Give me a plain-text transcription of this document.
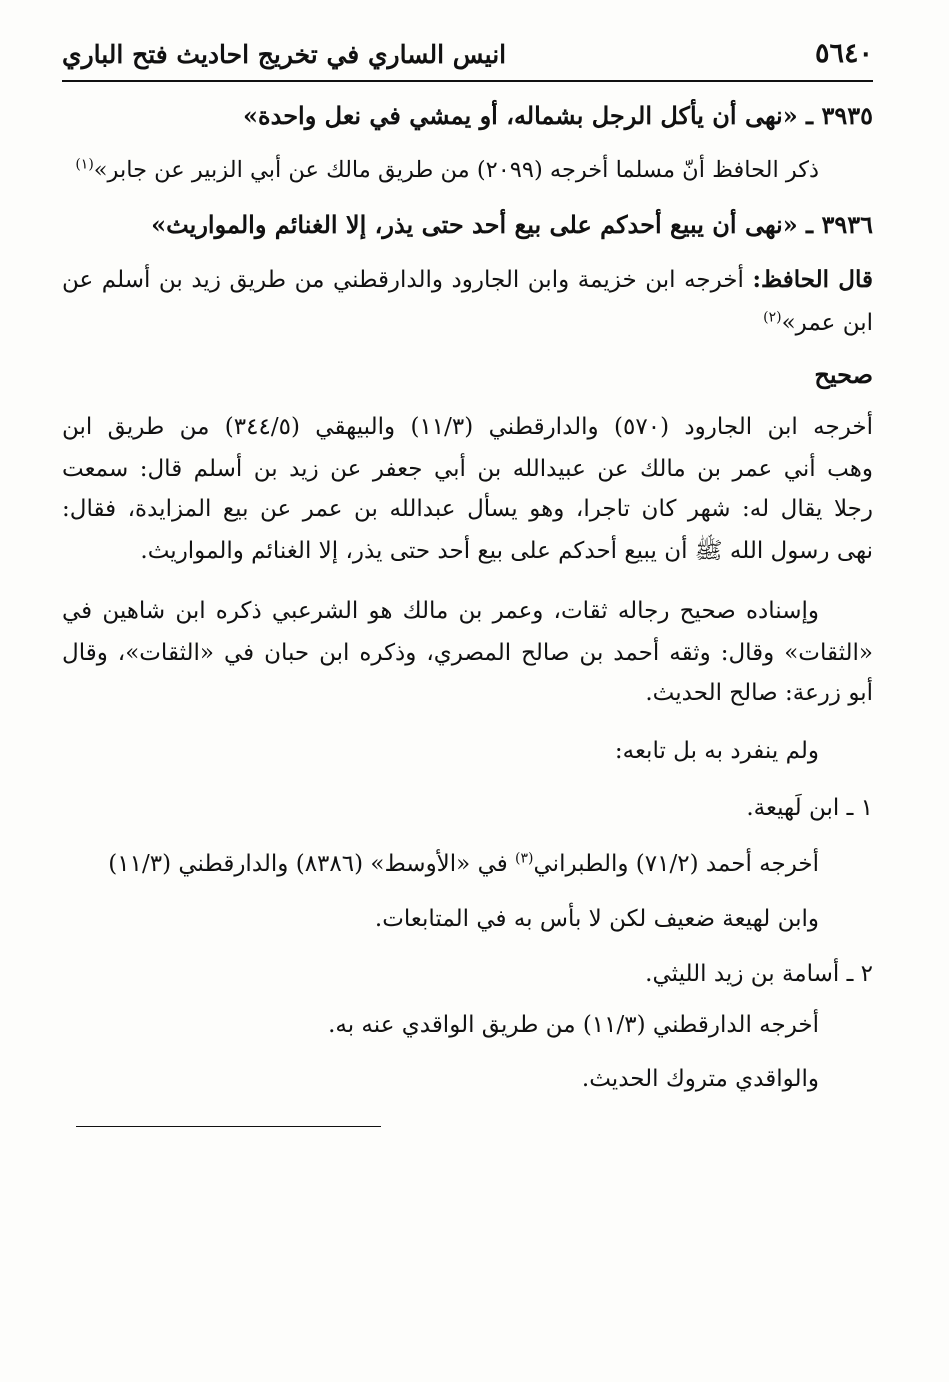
٥٦٤٠
انيس الساري في تخريج احاديث فتح الباري
٣٩٣٥ ـ «نهى أن يأكل الرجل بشماله، أو يمشي في نعل واحدة»
ذكر الحافظ أنّ مسلما أخرجه (٢٠٩٩) من طريق مالك عن أبي الزبير عن جابر»$^{(١)}$
٣٩٣٦ ـ «نهى أن يبيع أحدكم على بيع أحد حتى يذر، إلا الغنائم والمواريث»
قال الحافظ: أخرجه ابن خزيمة وابن الجارود والدارقطني من طريق زيد بن أسلم عن
ابن عمر»$^{(٢)}$
صحيح
أخرجه ابن الجارود (٥٧٠) والدارقطني (١١/٣) والبيهقي (٣٤٤/٥) من طريق ابن
وهب أني عمر بن مالك عن عبيدالله بن أبي جعفر عن زيد بن أسلم قال: سمعت
رجلا يقال له: شهر كان تاجرا، وهو يسأل عبدالله بن عمر عن بيع المزايدة، فقال:
نهى رسول الله ﷺ أن يبيع أحدكم على بيع أحد حتى يذر، إلا الغنائم والمواريث.
وإسناده صحيح رجاله ثقات، وعمر بن مالك هو الشرعبي ذكره ابن شاهين في
«الثقات» وقال: وثقه أحمد بن صالح المصري، وذكره ابن حبان في «الثقات»، وقال
أبو زرعة: صالح الحديث.
ولم ينفرد به بل تابعه:
١ ـ ابن لَهيعة.
أخرجه أحمد (٧١/٢) والطبراني$^{(٣)}$ في «الأوسط» (٨٣٨٦) والدارقطني (١١/٣)
وابن لهيعة ضعيف لكن لا بأس به في المتابعات.
٢ ـ أسامة بن زيد الليثي.
أخرجه الدارقطني (١١/٣) من طريق الواقدي عنه به.
والواقدي متروك الحديث.
